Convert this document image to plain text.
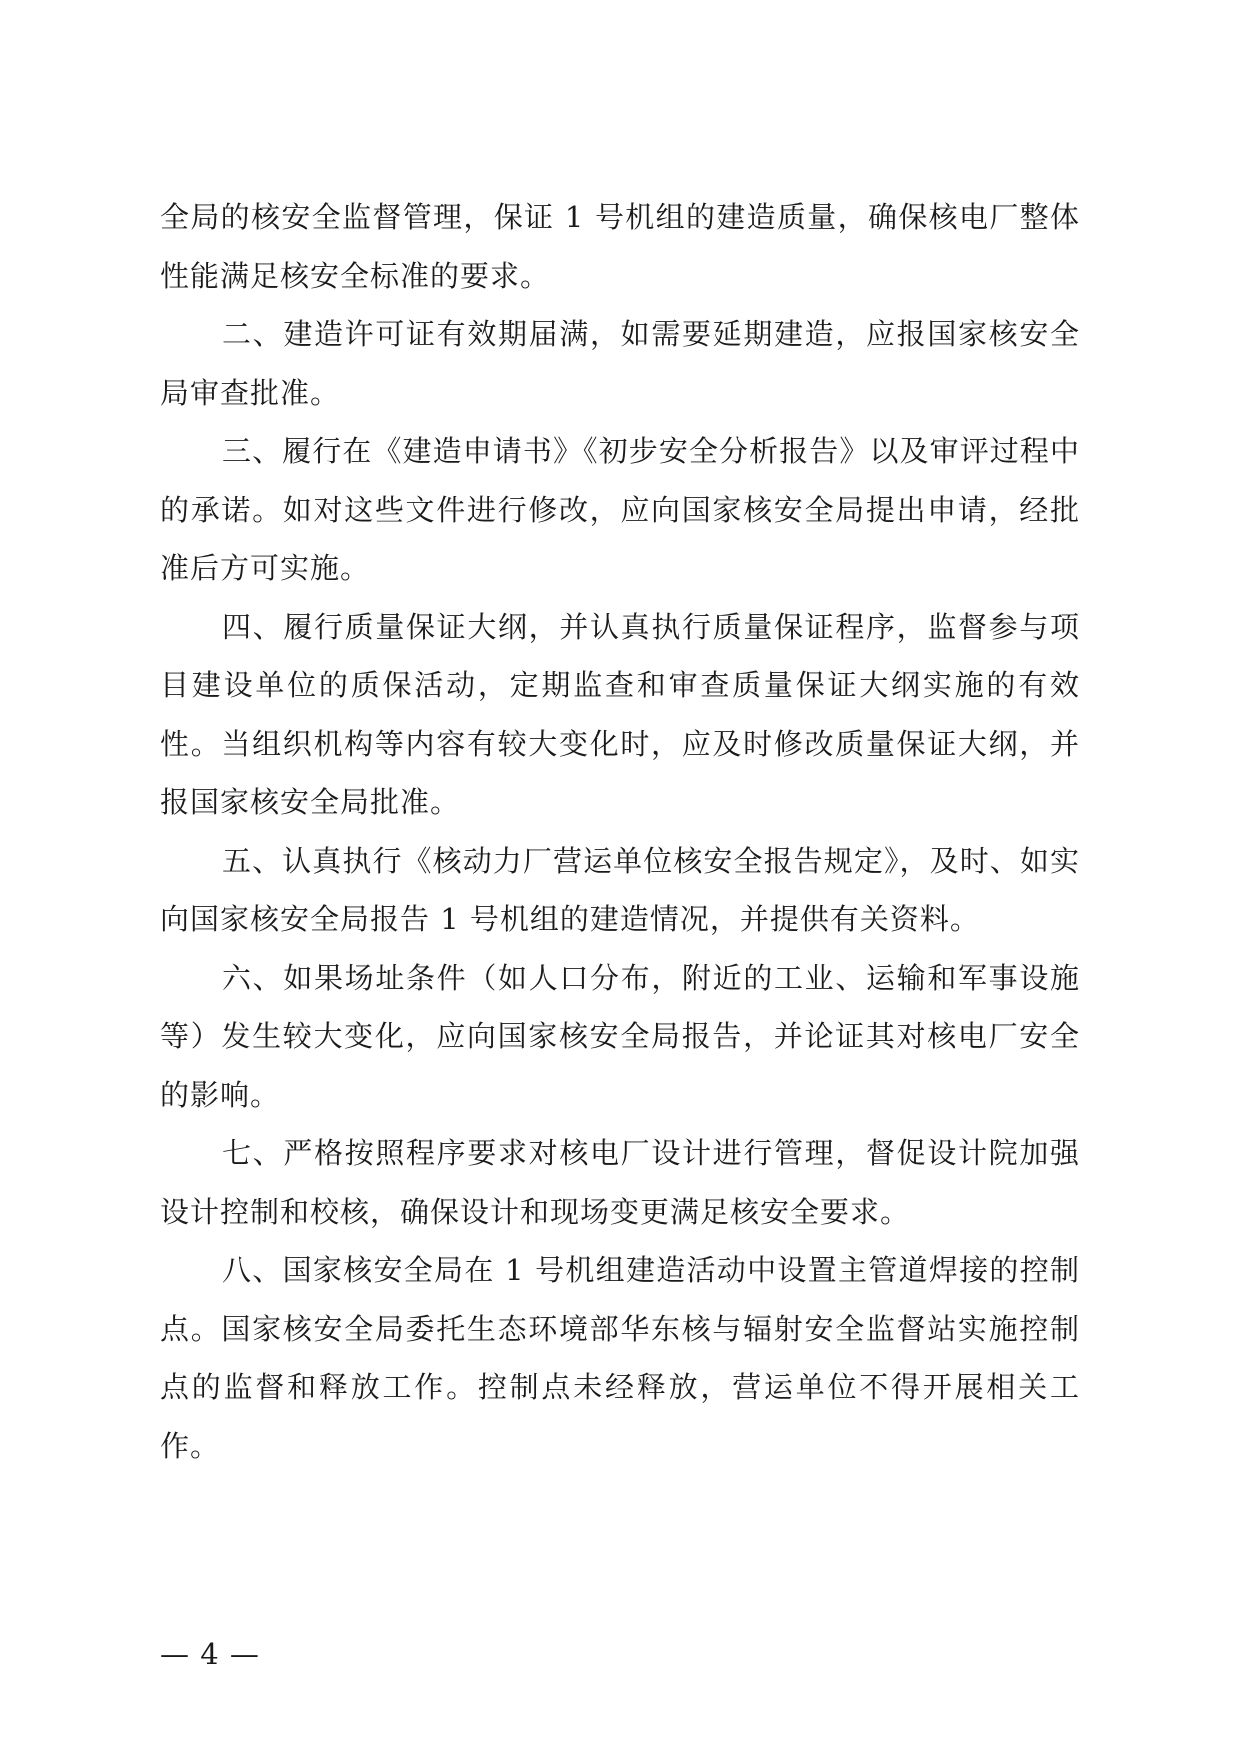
全局的核安全监督管理，保证 1 号机组的建造质量，确保核电厂整体性能满足核安全标准的要求。

二、建造许可证有效期届满，如需要延期建造，应报国家核安全局审查批准。

三、履行在《建造申请书》《初步安全分析报告》以及审评过程中的承诺。如对这些文件进行修改，应向国家核安全局提出申请，经批准后方可实施。

四、履行质量保证大纲，并认真执行质量保证程序，监督参与项目建设单位的质保活动，定期监查和审查质量保证大纲实施的有效性。当组织机构等内容有较大变化时，应及时修改质量保证大纲，并报国家核安全局批准。

五、认真执行《核动力厂营运单位核安全报告规定》，及时、如实向国家核安全局报告 1 号机组的建造情况，并提供有关资料。

六、如果场址条件（如人口分布，附近的工业、运输和军事设施等）发生较大变化，应向国家核安全局报告，并论证其对核电厂安全的影响。

七、严格按照程序要求对核电厂设计进行管理，督促设计院加强设计控制和校核，确保设计和现场变更满足核安全要求。

八、国家核安全局在 1 号机组建造活动中设置主管道焊接的控制点。国家核安全局委托生态环境部华东核与辐射安全监督站实施控制点的监督和释放工作。控制点未经释放，营运单位不得开展相关工作。

— 4 —
